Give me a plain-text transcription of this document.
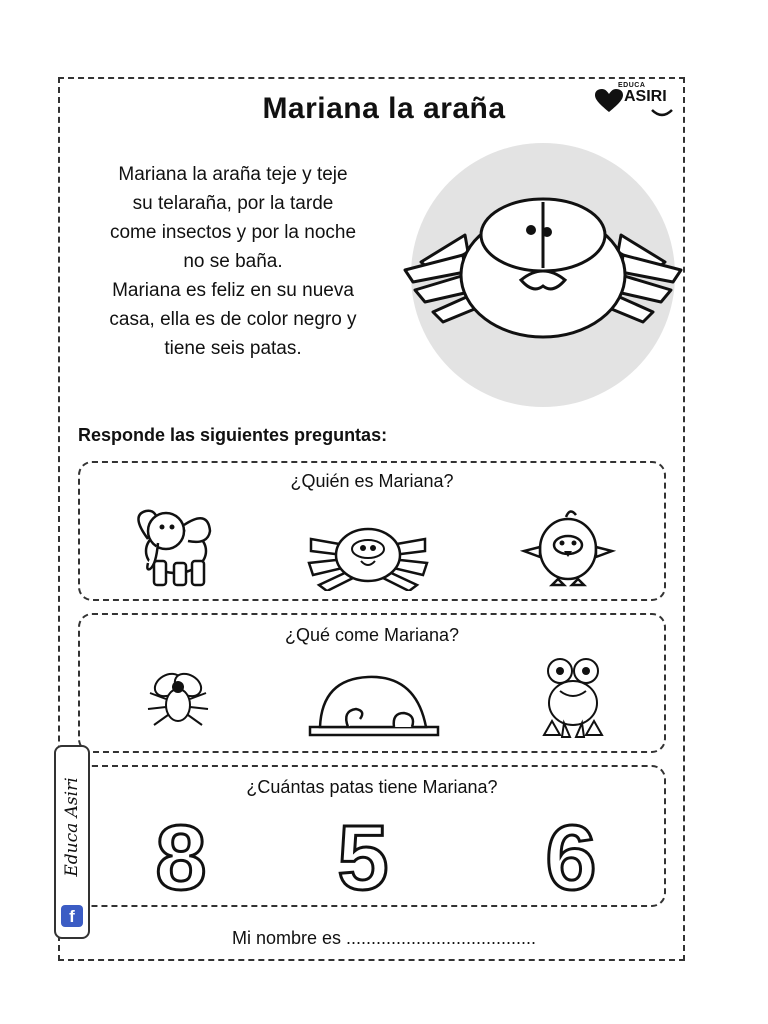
Mariana la araña
EDUCA
ASIRI

Mariana la araña teje y teje

su telaraña, por la tarde

come insectos y por la noche

no se baña.

Mariana es feliz en su nueva

casa, ella es de color negro y

tiene seis patas.

Responde las siguientes preguntas:
¿Quién es Mariana?
¿Qué come Mariana?
¿Cuántas patas tiene Mariana?
8 5 6
Mi nombre es ......................................
Educa Asiri
f
